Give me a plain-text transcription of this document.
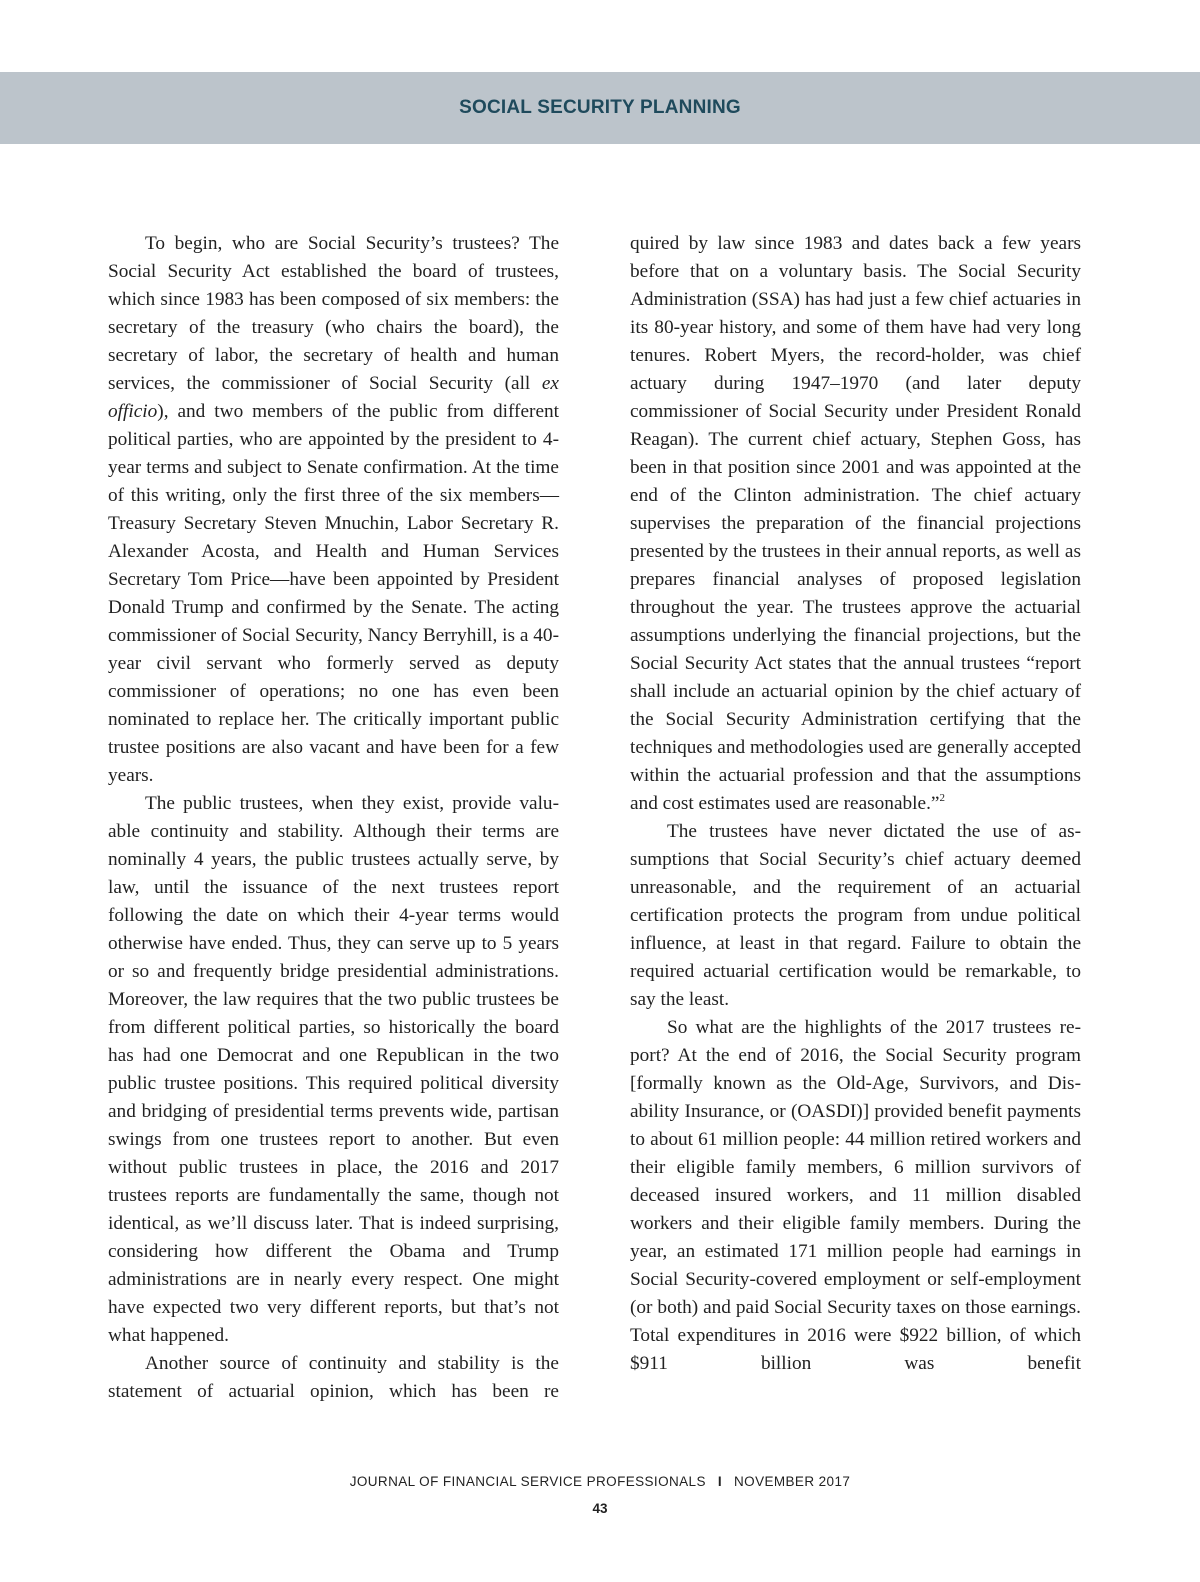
SOCIAL SECURITY PLANNING

To begin, who are Social Security’s trustees? The Social Security Act established the board of trustees, which since 1983 has been composed of six members: the secretary of the treasury (who chairs the board), the secretary of labor, the secretary of health and human services, the commissioner of Social Security (all ex officio), and two members of the public from different political parties, who are appointed by the president to 4-year terms and subject to Senate confirmation. At the time of this writing, only the first three of the six members—Treasury Secretary Steven Mnuchin, Labor Secretary R. Alexander Acosta, and Health and Human Services Secretary Tom Price—have been appointed by President Donald Trump and confirmed by the Senate. The acting commissioner of Social Security, Nancy Berryhill, is a 40-year civil servant who formerly served as deputy commissioner of operations; no one has even been nominated to replace her. The critically important public trustee positions are also vacant and have been for a few years.

The public trustees, when they exist, provide valuable continuity and stability. Although their terms are nominally 4 years, the public trustees actually serve, by law, until the issuance of the next trustees report following the date on which their 4-year terms would otherwise have ended. Thus, they can serve up to 5 years or so and frequently bridge presidential administrations. Moreover, the law requires that the two public trustees be from different political parties, so historically the board has had one Democrat and one Republican in the two public trustee positions. This required political diversity and bridging of presidential terms prevents wide, partisan swings from one trustees report to another. But even without public trustees in place, the 2016 and 2017 trustees reports are fundamentally the same, though not identical, as we’ll discuss later. That is indeed surprising, considering how different the Obama and Trump administrations are in nearly every respect. One might have expected two very different reports, but that’s not what happened.

Another source of continuity and stability is the statement of actuarial opinion, which has been re

quired by law since 1983 and dates back a few years before that on a voluntary basis. The Social Security Administration (SSA) has had just a few chief actuaries in its 80-year history, and some of them have had very long tenures. Robert Myers, the record-holder, was chief actuary during 1947–1970 (and later deputy commissioner of Social Security under President Ronald Reagan). The current chief actuary, Stephen Goss, has been in that position since 2001 and was appointed at the end of the Clinton administration. The chief actuary supervises the preparation of the financial projections presented by the trustees in their annual reports, as well as prepares financial analyses of proposed legislation throughout the year. The trustees approve the actuarial assumptions underlying the financial projections, but the Social Security Act states that the annual trustees “report shall include an actuarial opinion by the chief actuary of the Social Security Administration certifying that the techniques and methodologies used are generally accepted within the actuarial profession and that the assumptions and cost estimates used are reasonable.”$^2$

The trustees have never dictated the use of assumptions that Social Security’s chief actuary deemed unreasonable, and the requirement of an actuarial certification protects the program from undue political influence, at least in that regard. Failure to obtain the required actuarial certification would be remarkable, to say the least.

So what are the highlights of the 2017 trustees report? At the end of 2016, the Social Security program [formally known as the Old-Age, Survivors, and Disability Insurance, or (OASDI)] provided benefit payments to about 61 million people: 44 million retired workers and their eligible family members, 6 million survivors of deceased insured workers, and 11 million disabled workers and their eligible family members. During the year, an estimated 171 million people had earnings in Social Security-covered employment or self-employment (or both) and paid Social Security taxes on those earnings. Total expenditures in 2016 were $922 billion, of which $911 billion was benefit

JOURNAL OF FINANCIAL SERVICE PROFESSIONALS I NOVEMBER 2017
43
